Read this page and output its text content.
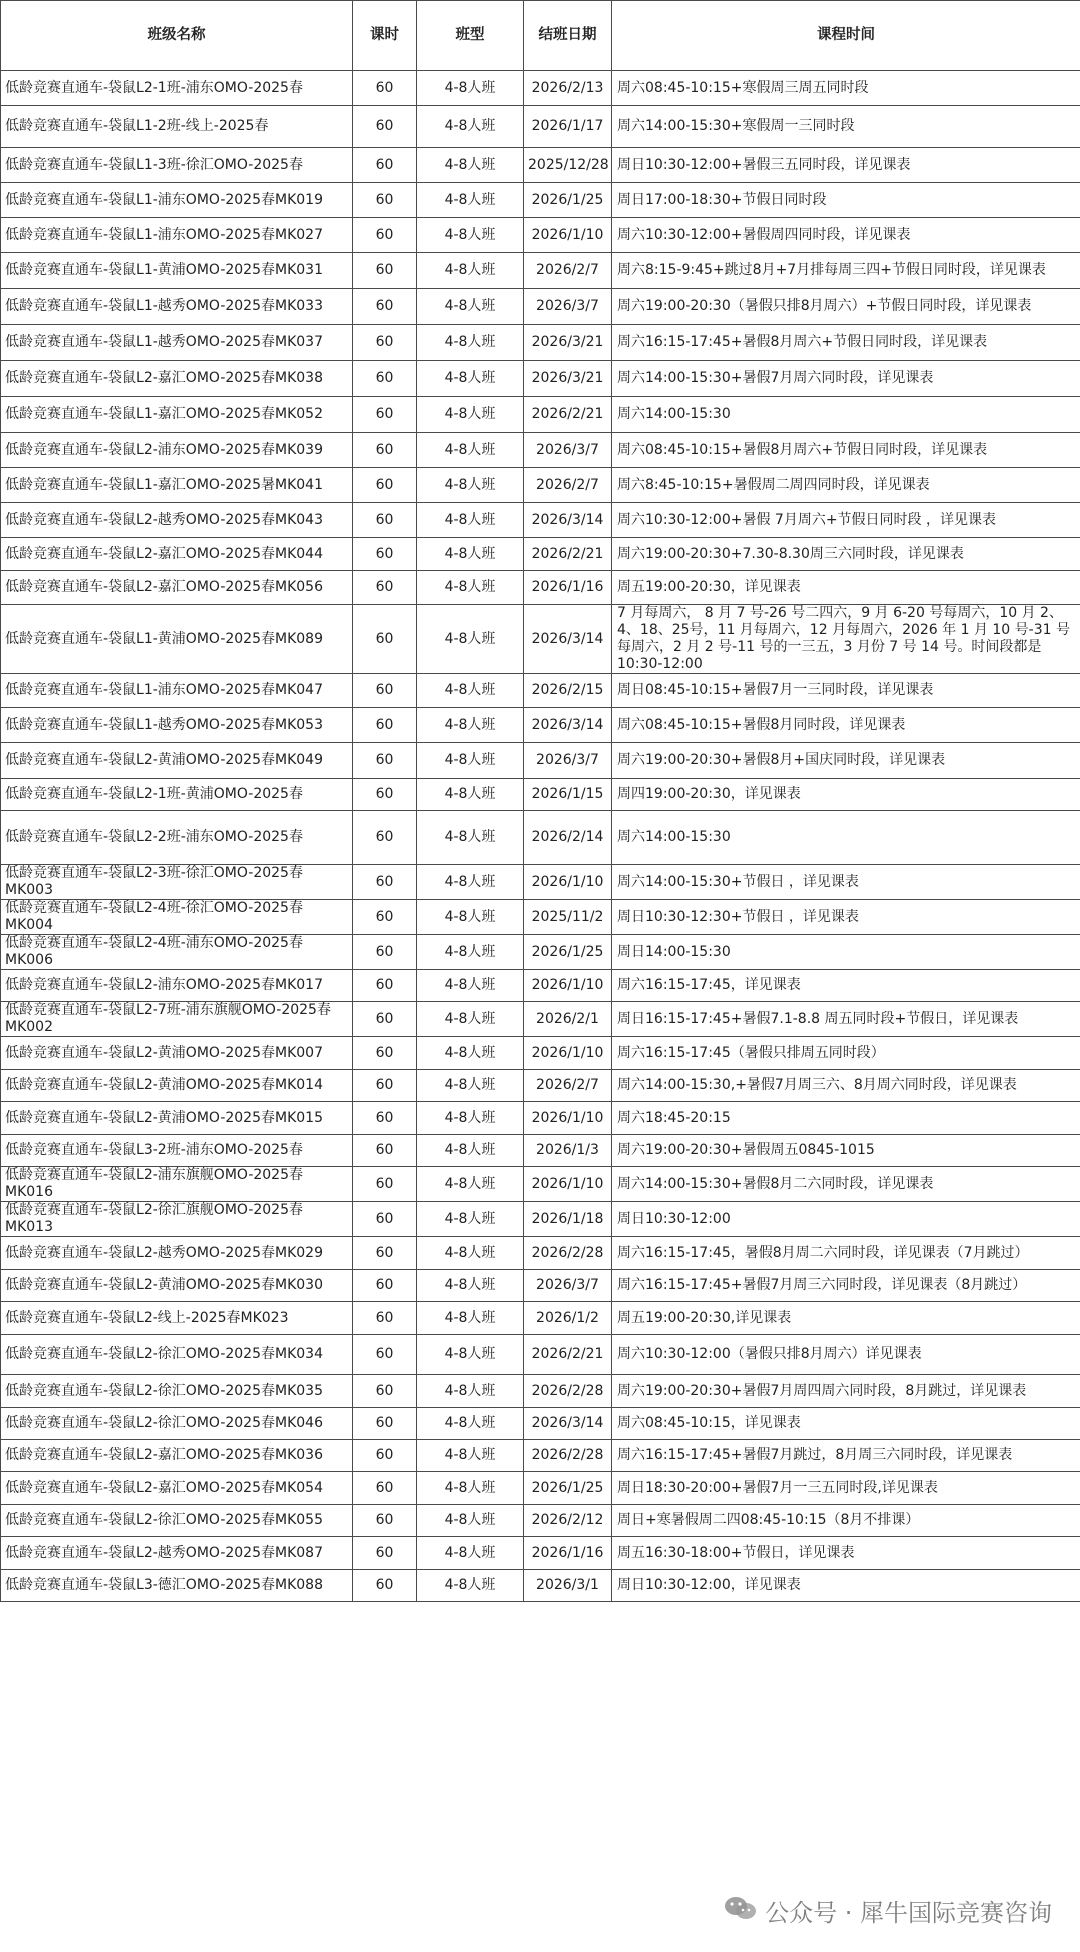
班级名称	课时	班型	结班日期	课程时间
低龄竞赛直通车-袋鼠L2-1班-浦东OMO-2025春	60	4-8人班	2026/2/13	周六08:45-10:15+寒假周三周五同时段
低龄竞赛直通车-袋鼠L1-2班-线上-2025春	60	4-8人班	2026/1/17	周六14:00-15:30+寒假周一三同时段
低龄竞赛直通车-袋鼠L1-3班-徐汇OMO-2025春	60	4-8人班	2025/12/28	周日10:30-12:00+暑假三五同时段，详见课表
低龄竞赛直通车-袋鼠L1-浦东OMO-2025春MK019	60	4-8人班	2026/1/25	周日17:00-18:30+节假日同时段
低龄竞赛直通车-袋鼠L1-浦东OMO-2025春MK027	60	4-8人班	2026/1/10	周六10:30-12:00+暑假周四同时段，详见课表
低龄竞赛直通车-袋鼠L1-黄浦OMO-2025春MK031	60	4-8人班	2026/2/7	周六8:15-9:45+跳过8月+7月排每周三四+节假日同时段，详见课表
低龄竞赛直通车-袋鼠L1-越秀OMO-2025春MK033	60	4-8人班	2026/3/7	周六19:00-20:30（暑假只排8月周六）+节假日同时段，详见课表
低龄竞赛直通车-袋鼠L1-越秀OMO-2025春MK037	60	4-8人班	2026/3/21	周六16:15-17:45+暑假8月周六+节假日同时段，详见课表
低龄竞赛直通车-袋鼠L2-嘉汇OMO-2025春MK038	60	4-8人班	2026/3/21	周六14:00-15:30+暑假7月周六同时段，详见课表
低龄竞赛直通车-袋鼠L1-嘉汇OMO-2025春MK052	60	4-8人班	2026/2/21	周六14:00-15:30
低龄竞赛直通车-袋鼠L2-浦东OMO-2025春MK039	60	4-8人班	2026/3/7	周六08:45-10:15+暑假8月周六+节假日同时段，详见课表
低龄竞赛直通车-袋鼠L1-嘉汇OMO-2025暑MK041	60	4-8人班	2026/2/7	周六8:45-10:15+暑假周二周四同时段，详见课表
低龄竞赛直通车-袋鼠L2-越秀OMO-2025春MK043	60	4-8人班	2026/3/14	周六10:30-12:00+暑假 7月周六+节假日同时段 ，详见课表
低龄竞赛直通车-袋鼠L2-嘉汇OMO-2025春MK044	60	4-8人班	2026/2/21	周六19:00-20:30+7.30-8.30周三六同时段，详见课表
低龄竞赛直通车-袋鼠L2-嘉汇OMO-2025春MK056	60	4-8人班	2026/1/16	周五19:00-20:30，详见课表
低龄竞赛直通车-袋鼠L1-黄浦OMO-2025春MK089	60	4-8人班	2026/3/14	7 月每周六， 8 月 7 号-26 号二四六，9 月 6-20 号每周六，10 月 2、4、18、25号，11 月每周六，12 月每周六，2026 年 1 月 10 号-31 号每周六，2 月 2 号-11 号的一三五，3 月份 7 号 14 号。时间段都是 10:30-12:00
低龄竞赛直通车-袋鼠L1-浦东OMO-2025春MK047	60	4-8人班	2026/2/15	周日08:45-10:15+暑假7月一三同时段，详见课表
低龄竞赛直通车-袋鼠L1-越秀OMO-2025春MK053	60	4-8人班	2026/3/14	周六08:45-10:15+暑假8月同时段，详见课表
低龄竞赛直通车-袋鼠L2-黄浦OMO-2025春MK049	60	4-8人班	2026/3/7	周六19:00-20:30+暑假8月+国庆同时段，详见课表
低龄竞赛直通车-袋鼠L2-1班-黄浦OMO-2025春	60	4-8人班	2026/1/15	周四19:00-20:30，详见课表
低龄竞赛直通车-袋鼠L2-2班-浦东OMO-2025春	60	4-8人班	2026/2/14	周六14:00-15:30
低龄竞赛直通车-袋鼠L2-3班-徐汇OMO-2025春MK003	60	4-8人班	2026/1/10	周六14:00-15:30+节假日 ，详见课表
低龄竞赛直通车-袋鼠L2-4班-徐汇OMO-2025春MK004	60	4-8人班	2025/11/2	周日10:30-12:30+节假日 ，详见课表
低龄竞赛直通车-袋鼠L2-4班-浦东OMO-2025春MK006	60	4-8人班	2026/1/25	周日14:00-15:30
低龄竞赛直通车-袋鼠L2-浦东OMO-2025春MK017	60	4-8人班	2026/1/10	周六16:15-17:45，详见课表
低龄竞赛直通车-袋鼠L2-7班-浦东旗舰OMO-2025春MK002	60	4-8人班	2026/2/1	周日16:15-17:45+暑假7.1-8.8 周五同时段+节假日，详见课表
低龄竞赛直通车-袋鼠L2-黄浦OMO-2025春MK007	60	4-8人班	2026/1/10	周六16:15-17:45（暑假只排周五同时段）
低龄竞赛直通车-袋鼠L2-黄浦OMO-2025春MK014	60	4-8人班	2026/2/7	周六14:00-15:30,+暑假7月周三六、8月周六同时段，详见课表
低龄竞赛直通车-袋鼠L2-黄浦OMO-2025春MK015	60	4-8人班	2026/1/10	周六18:45-20:15
低龄竞赛直通车-袋鼠L3-2班-浦东OMO-2025春	60	4-8人班	2026/1/3	周六19:00-20:30+暑假周五0845-1015
低龄竞赛直通车-袋鼠L2-浦东旗舰OMO-2025春MK016	60	4-8人班	2026/1/10	周六14:00-15:30+暑假8月二六同时段，详见课表
低龄竞赛直通车-袋鼠L2-徐汇旗舰OMO-2025春MK013	60	4-8人班	2026/1/18	周日10:30-12:00
低龄竞赛直通车-袋鼠L2-越秀OMO-2025春MK029	60	4-8人班	2026/2/28	周六16:15-17:45，暑假8月周二六同时段，详见课表（7月跳过）
低龄竞赛直通车-袋鼠L2-黄浦OMO-2025春MK030	60	4-8人班	2026/3/7	周六16:15-17:45+暑假7月周三六同时段，详见课表（8月跳过）
低龄竞赛直通车-袋鼠L2-线上-2025春MK023	60	4-8人班	2026/1/2	周五19:00-20:30,详见课表
低龄竞赛直通车-袋鼠L2-徐汇OMO-2025春MK034	60	4-8人班	2026/2/21	周六10:30-12:00（暑假只排8月周六）详见课表
低龄竞赛直通车-袋鼠L2-徐汇OMO-2025春MK035	60	4-8人班	2026/2/28	周六19:00-20:30+暑假7月周四周六同时段，8月跳过，详见课表
低龄竞赛直通车-袋鼠L2-徐汇OMO-2025春MK046	60	4-8人班	2026/3/14	周六08:45-10:15，详见课表
低龄竞赛直通车-袋鼠L2-嘉汇OMO-2025春MK036	60	4-8人班	2026/2/28	周六16:15-17:45+暑假7月跳过，8月周三六同时段，详见课表
低龄竞赛直通车-袋鼠L2-嘉汇OMO-2025春MK054	60	4-8人班	2026/1/25	周日18:30-20:00+暑假7月一三五同时段,详见课表
低龄竞赛直通车-袋鼠L2-徐汇OMO-2025春MK055	60	4-8人班	2026/2/12	周日+寒暑假周二四08:45-10:15（8月不排课）
低龄竞赛直通车-袋鼠L2-越秀OMO-2025春MK087	60	4-8人班	2026/1/16	周五16:30-18:00+节假日，详见课表
低龄竞赛直通车-袋鼠L3-德汇OMO-2025春MK088	60	4-8人班	2026/3/1	周日10:30-12:00，详见课表
公众号 · 犀牛国际竞赛咨询
